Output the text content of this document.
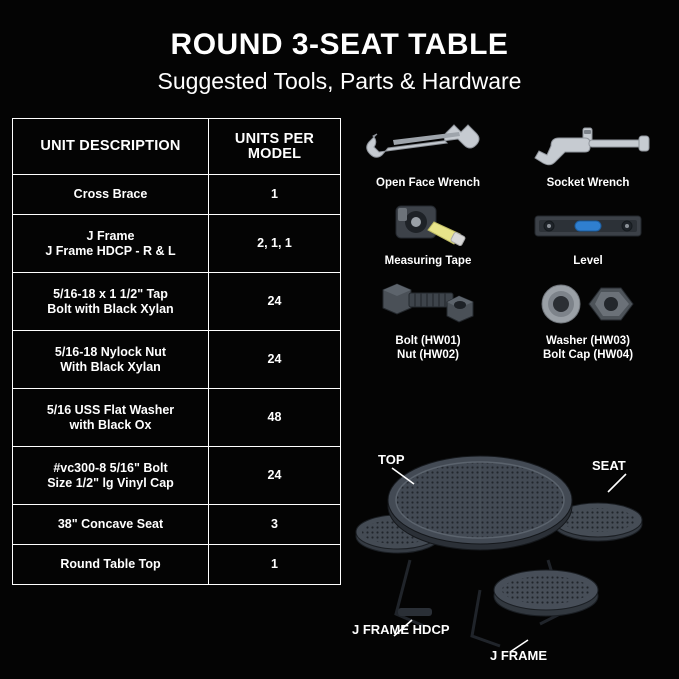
ROUND 3-SEAT TABLE
Suggested Tools, Parts & Hardware
UNIT DESCRIPTION	UNITS PER
MODEL

Cross Brace	1

J Frame
J Frame HDCP - R & L	2, 1, 1

5/16-18 x 1 1/2" Tap
Bolt with Black Xylan	24

5/16-18 Nylock Nut
With Black Xylan	24

5/16 USS Flat Washer
with Black Ox	48

#vc300-8 5/16" Bolt
Size 1/2" lg Vinyl Cap	24

38" Concave Seat	3

Round Table Top	1
Open Face Wrench	Socket Wrench
Measuring Tape	Level
Bolt (HW01)
Nut (HW02)
Washer (HW03)
Bolt Cap (HW04)
TOP	SEAT
J FRAME HDCP
J FRAME
